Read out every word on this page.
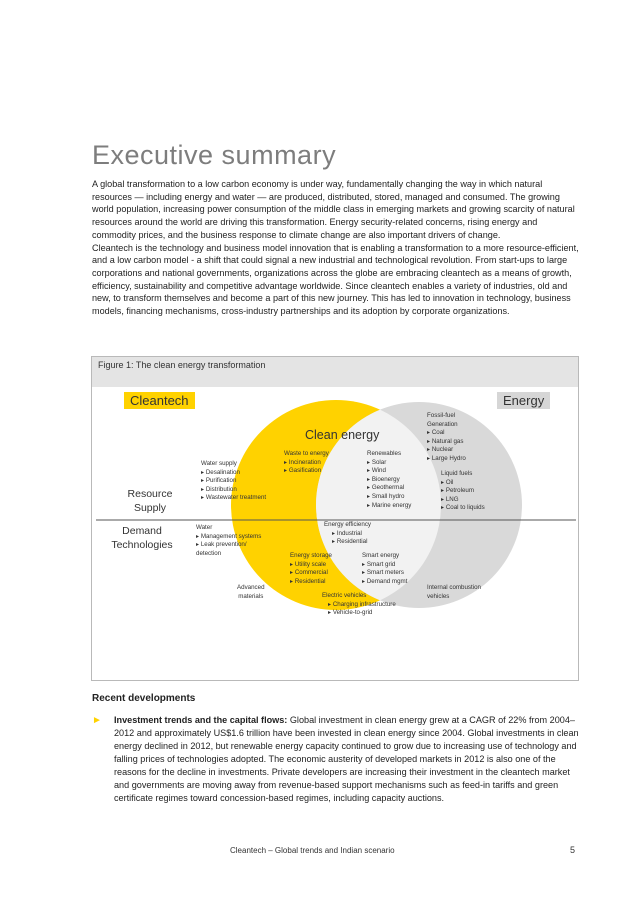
Executive summary

A global transformation to a low carbon economy is under way, fundamentally changing the way in which natural resources — including energy and water — are produced, distributed, stored, managed and consumed. The growing world population, increasing power consumption of the middle class in emerging markets and growing scarcity of natural resources around the world are driving this transformation. Energy security-related concerns, rising energy and commodity prices, and the business response to climate change are also important drivers of change.

Cleantech is the technology and business model innovation that is enabling a transformation to a more resource-efficient, and a low carbon model - a shift that could signal a new industrial and technological revolution. From start-ups to large corporations and national governments, organizations across the globe are embracing cleantech as a means of growth, efficiency, sustainability and competitive advantage worldwide. Since cleantech enables a variety of industries, old and new, to transform themselves and become a part of this new journey. This has led to innovation in technology, business models, financing mechanisms, cross-industry partnerships and its adoption by corporate organizations.

Figure 1: The clean energy transformation
Cleantech	Energy
Clean energy
Resource
Supply
Demand
Technologies
Water supply
▸ Desalination
▸ Purification
▸ Distribution
▸ Wastewater treatment
Water
▸ Management systems
▸ Leak prevention/ detection
Advanced
materials
Waste to energy
▸ Incineration
▸ Gasification
Renewables
▸ Solar
▸ Wind
▸ Bioenergy
▸ Geothermal
▸ Small hydro
▸ Marine energy
Energy efficiency
▸ Industrial
▸ Residential
Energy storage
▸ Utility scale
▸ Commercial
▸ Residential
Smart energy
▸ Smart grid
▸ Smart meters
▸ Demand mgmt
Electric vehicles
▸ Charging infrastructure
▸ Vehicle-to-grid
Fossil-fuel
Generation
▸ Coal
▸ Natural gas
▸ Nuclear
▸ Large Hydro
Liquid fuels
▸ Oil
▸ Petroleum
▸ LNG
▸ Coal to liquids
Internal combustion
vehicles
Recent developments
► Investment trends and the capital flows: Global investment in clean energy grew at a CAGR of 22% from 2004–2012 and approximately US$1.6 trillion have been invested in clean energy since 2004. Global investments in clean energy declined in 2012, but renewable energy capacity continued to grow due to increasing use of technology and falling prices of technologies adopted. The economic austerity of developed markets in 2012 is also one of the reasons for the decline in investments. Private developers are increasing their investment in the cleantech market and governments are moving away from revenue-based support mechanisms such as feed-in tariffs and green certificate regimes toward concession-based regimes, including capacity auctions.
Cleantech – Global trends and Indian scenario	5
